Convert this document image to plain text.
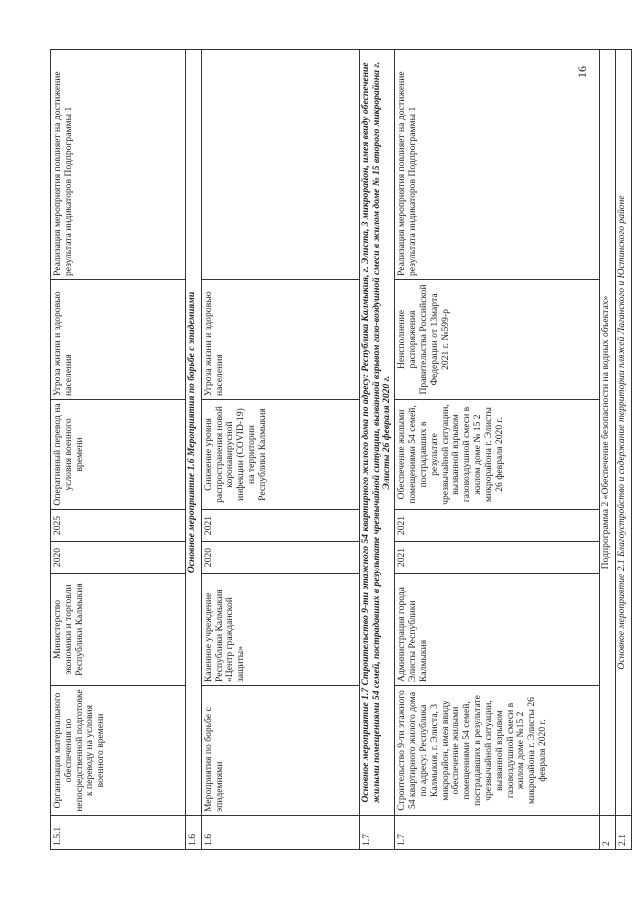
16
1.5.1	Организация материального обеспечения по непосредственной подготовке к переводу на условия военного времени	Министерство экономики и торговли Республики Калмыкия	2020	2025	Оперативный перевод на условия военного времени	Угроза жизни и здоровью населения	Реализация мероприятия повлияет на достижение результата индикаторов Подпрограммы 1
1.6	Основное мероприятие 1.6 Мероприятия по борьбе с эпидемиями						
1.6	Мероприятия по борьбе с эпидемиями	Казенное учреждение Республики Калмыкия «Центр гражданской защиты»	2020	2021	Снижение уровня распространения новой коронавирусной инфекции (COVID-19) на территории Республики Калмыкия	Угроза жизни и здоровью населения	
1.7	Основное мероприятие 1.7 Строительство 9-ти этажного 54 квартирного жилого дома по адресу: Республика Калмыкия, г. Элиста, 3 микрорайон, имея ввиду обеспечение жилыми помещениями 54 семей, пострадавших в результате чрезвычайной ситуации, вызванной взрывом газо-воздушной смеси в жилом доме № 15 второго микрорайона г. Элисты 26 февраля 2020 г.						
1.7	Строительство 9-ти этажного 54 квартирного жилого дома по адресу: Республика Калмыкия, г. Элиста, 3 микрорайон, имея ввиду обеспечение жилыми помещениями 54 семей, пострадавших в результате чрезвычайной ситуации, вызванной взрывом газовоздушной смеси в жилом доме №15 2 микрорайона г. Элисты 26 февраля 2020 г.	Администрация города Элисты Республики Калмыкия	2021	2021	Обеспечение жилыми помещениями 54 семей, пострадавших в результате чрезвычайной ситуации, вызванной взрывом газовоздушной смеси в жилом доме № 15 2 микрорайона г. Элисты 26 февраля 2020 г.	Неисполнение распоряжения Правительства Российской Федерации от 13марта 2021 г. №599-р	Реализация мероприятия повлияет на достижение результата индикаторов Подпрограммы 1
2	Подпрограмма 2 «Обеспечение безопасности на водных объектах»						
2.1	Основное мероприятие 2.1 Благоустройство и содержание территории пляжей Лаганского и Юстинского районе						
